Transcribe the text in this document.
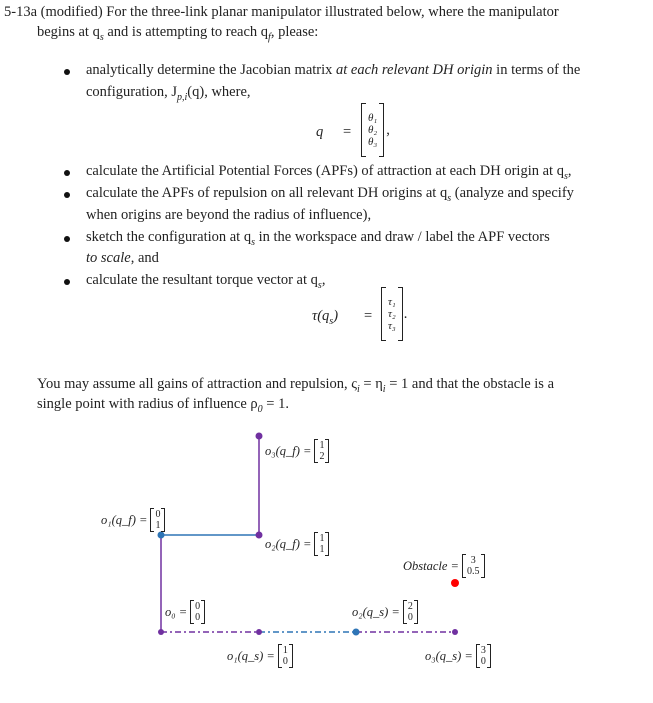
5-13a (modified) For the three-link planar manipulator illustrated below, where the manipulator
begins at $q_s$ and is attempting to reach $q_f$, please:
analytically determine the Jacobian matrix at each relevant DH origin in terms of the
configuration, $J_{p,i}(q)$, where,
q =
θ₁
θ₂
θ₃
,
calculate the Artificial Potential Forces (APFs) of attraction at each DH origin at $q_s$,
calculate the APFs of repulsion on all relevant DH origins at $q_s$ (analyze and specify
when origins are beyond the radius of influence),
sketch the configuration at $q_s$ in the workspace and draw / label the APF vectors
to scale, and
calculate the resultant torque vector at $q_s$,
$\tau(q_s)$ =
τ₁
τ₂
τ₃
.
You may assume all gains of attraction and repulsion, $\varsigma_i = \eta_i = 1$ and that the obstacle is a
single point with radius of influence $\rho_0 = 1$.
o₃(q_f) = 1
2
o₁(q_f) = 0
1
o₂(q_f) = 1
1
Obstacle = 3
0.5
o₀ = 0
0	o₂(q_s) = 2
0
o₁(q_s) = 1
0	o₃(q_s) = 3
0
